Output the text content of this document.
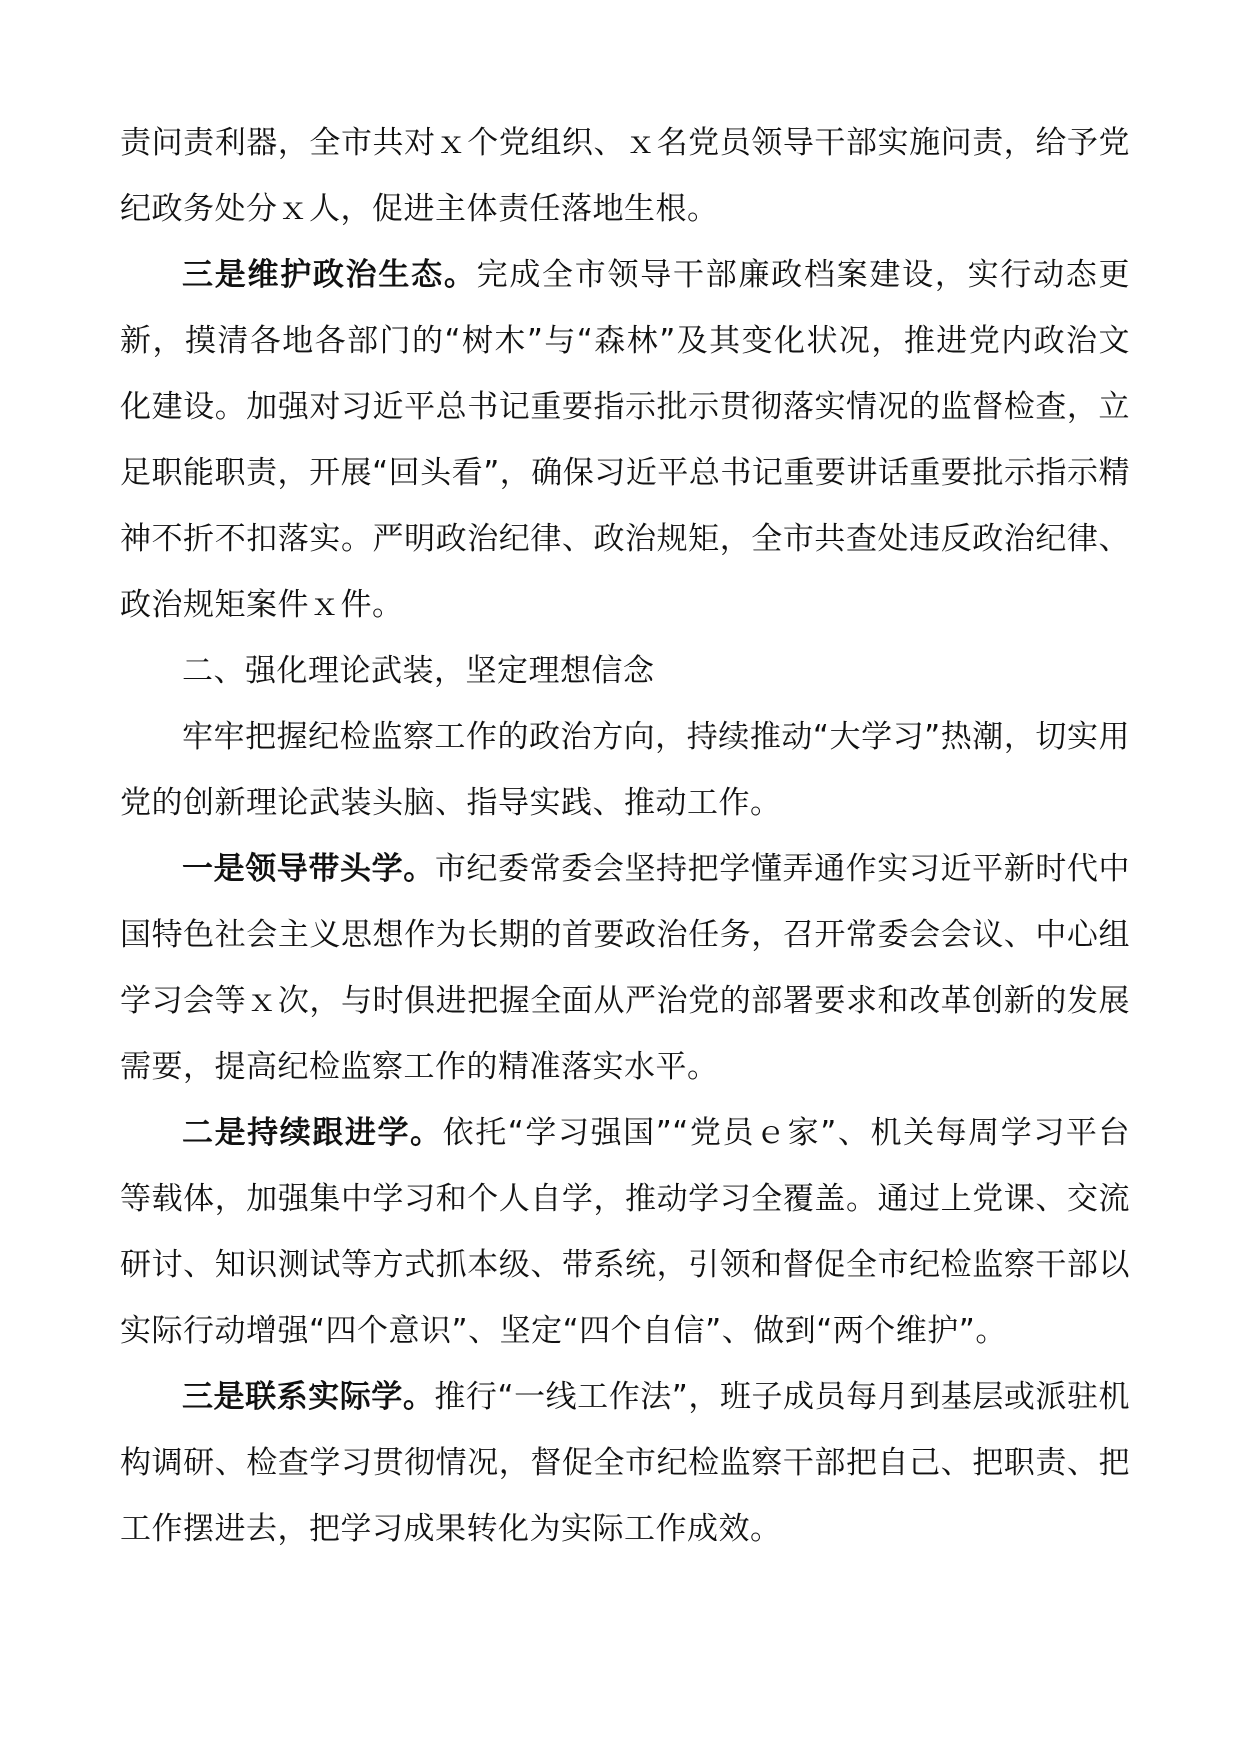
责问责利器，全市共对ｘ个党组织、ｘ名党员领导干部实施问责，给予党纪政务处分ｘ人，促进主体责任落地生根。

三是维护政治生态。完成全市领导干部廉政档案建设，实行动态更新，摸清各地各部门的“树木”与“森林”及其变化状况，推进党内政治文化建设。加强对习近平总书记重要指示批示贯彻落实情况的监督检查，立足职能职责，开展“回头看”，确保习近平总书记重要讲话重要批示指示精神不折不扣落实。严明政治纪律、政治规矩，全市共查处违反政治纪律、政治规矩案件ｘ件。

二、强化理论武装，坚定理想信念

牢牢把握纪检监察工作的政治方向，持续推动“大学习”热潮，切实用党的创新理论武装头脑、指导实践、推动工作。

一是领导带头学。市纪委常委会坚持把学懂弄通作实习近平新时代中国特色社会主义思想作为长期的首要政治任务，召开常委会会议、中心组学习会等ｘ次，与时俱进把握全面从严治党的部署要求和改革创新的发展需要，提高纪检监察工作的精准落实水平。

二是持续跟进学。依托“学习强国”“党员ｅ家”、机关每周学习平台等载体，加强集中学习和个人自学，推动学习全覆盖。通过上党课、交流研讨、知识测试等方式抓本级、带系统，引领和督促全市纪检监察干部以实际行动增强“四个意识”、坚定“四个自信”、做到“两个维护”。

三是联系实际学。推行“一线工作法”，班子成员每月到基层或派驻机构调研、检查学习贯彻情况，督促全市纪检监察干部把自己、把职责、把工作摆进去，把学习成果转化为实际工作成效。
